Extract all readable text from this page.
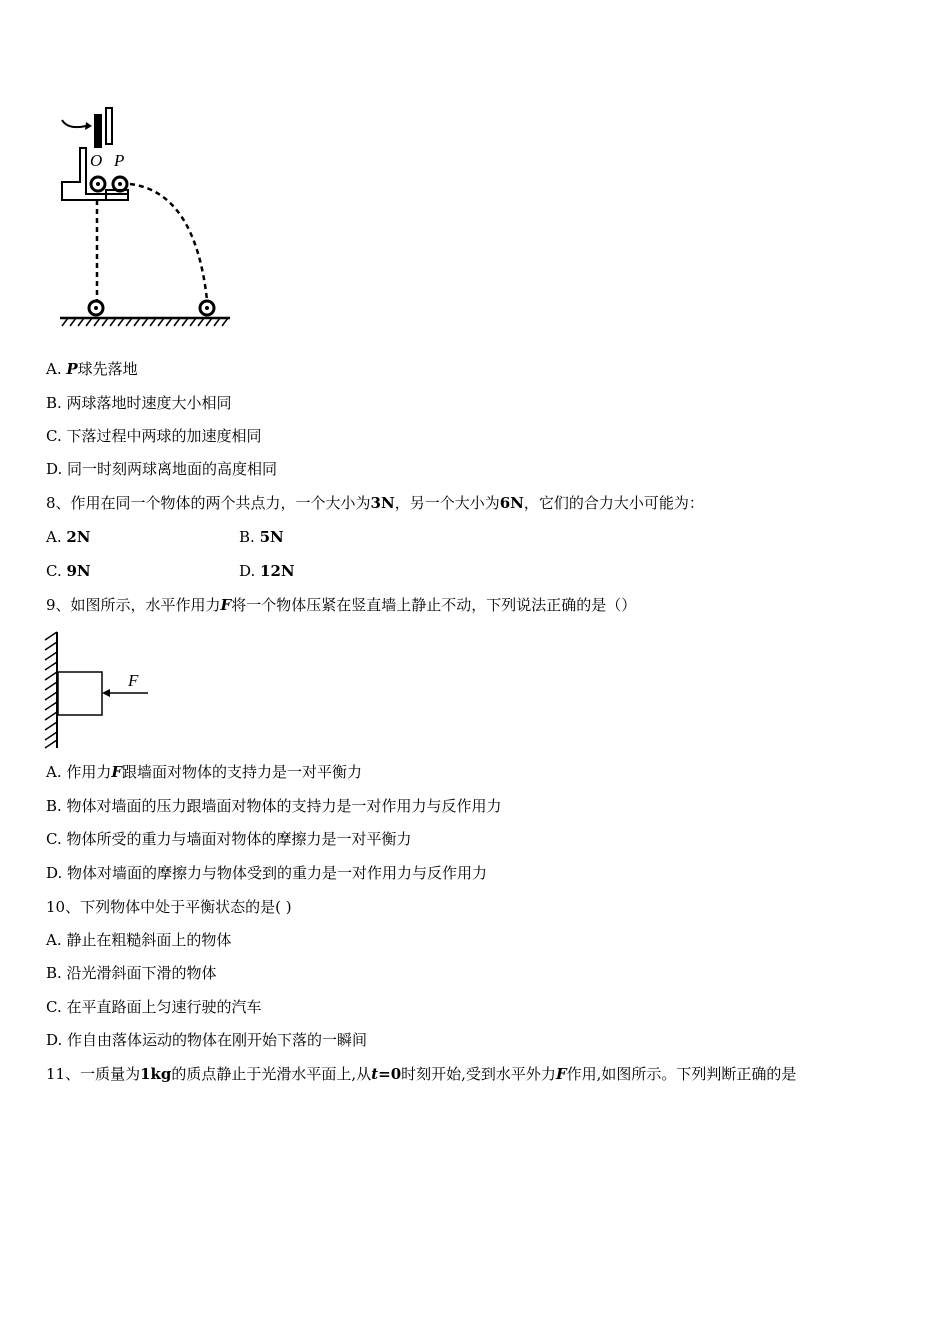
O P
A. P球先落地
B. 两球落地时速度大小相同
C. 下落过程中两球的加速度相同
D. 同一时刻两球离地面的高度相同
8、作用在同一个物体的两个共点力，一个大小为3N，另一个大小为6N，它们的合力大小可能为：
A. 2N	B. 5N
C. 9N	D. 12N
9、如图所示，水平作用力F将一个物体压紧在竖直墙上静止不动，下列说法正确的是（）
F
A. 作用力F跟墙面对物体的支持力是一对平衡力
B. 物体对墙面的压力跟墙面对物体的支持力是一对作用力与反作用力
C. 物体所受的重力与墙面对物体的摩擦力是一对平衡力
D. 物体对墙面的摩擦力与物体受到的重力是一对作用力与反作用力
10、下列物体中处于平衡状态的是( )
A. 静止在粗糙斜面上的物体
B. 沿光滑斜面下滑的物体
C. 在平直路面上匀速行驶的汽车
D. 作自由落体运动的物体在刚开始下落的一瞬间
11、一质量为1kg的质点静止于光滑水平面上,从t=0时刻开始,受到水平外力F作用,如图所示。下列判断正确的是
